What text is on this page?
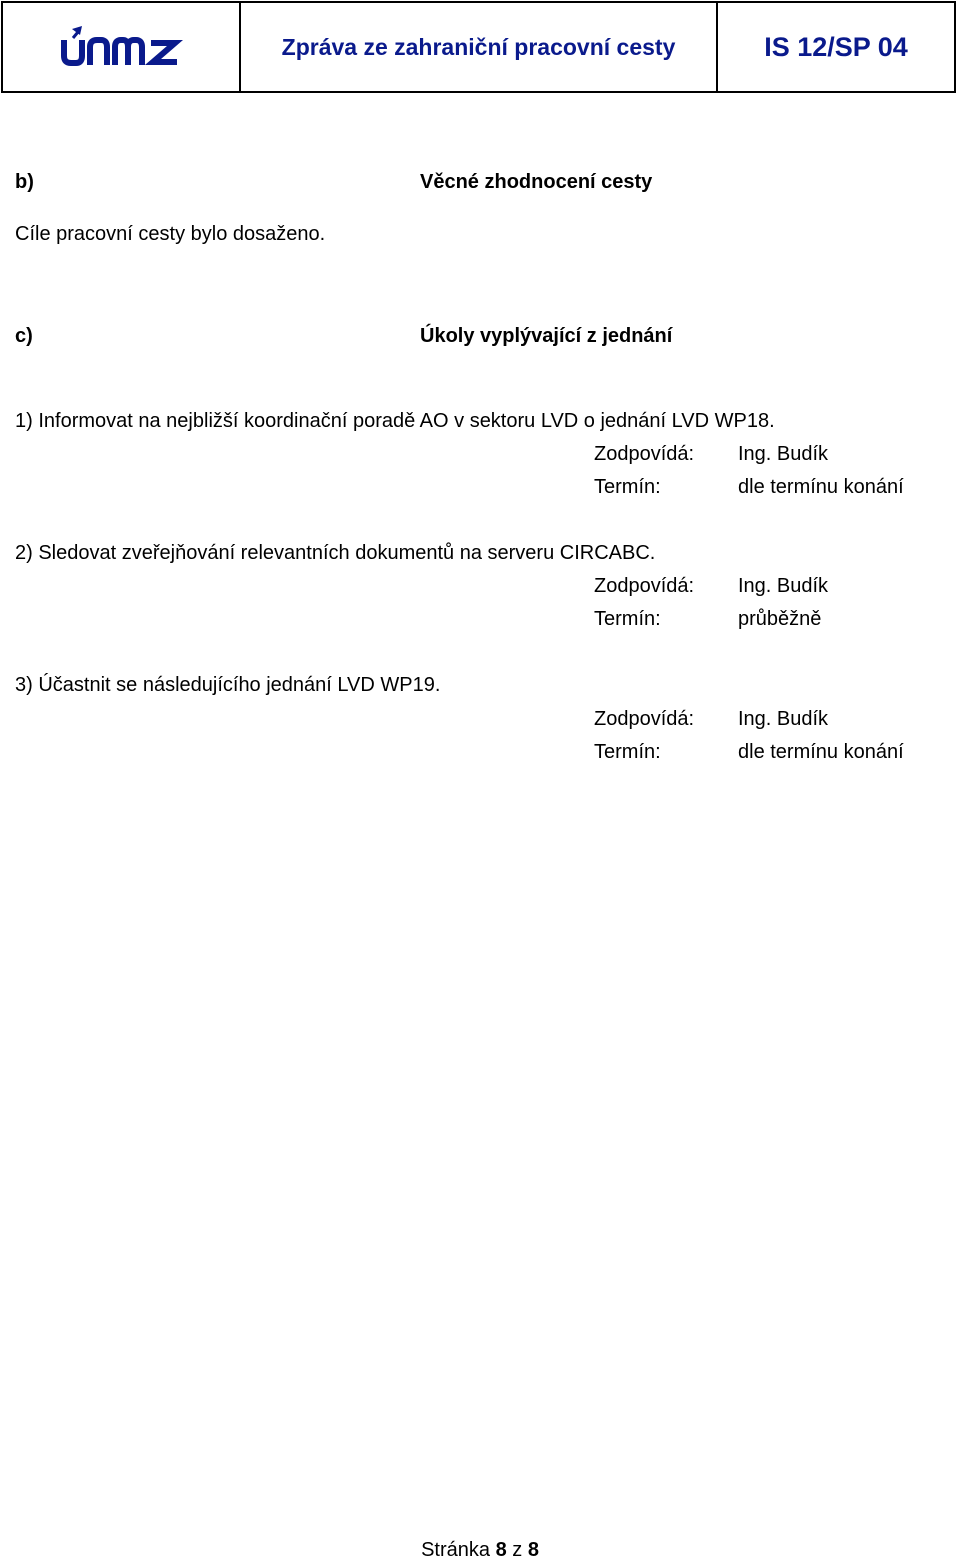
Zpráva ze zahraniční pracovní cesty	IS 12/SP 04
b)	Věcné zhodnocení cesty
Cíle pracovní cesty bylo dosaženo.
c)	Úkoly vyplývající z jednání
1) Informovat na nejbližší koordinační poradě AO v sektoru LVD o jednání LVD WP18.
Zodpovídá: Ing. Budík
Termín:	dle termínu konání
2) Sledovat zveřejňování relevantních dokumentů na serveru CIRCABC.
Zodpovídá: Ing. Budík
Termín:	průběžně
3) Účastnit se následujícího jednání LVD WP19.
Zodpovídá: Ing. Budík
Termín:	dle termínu konání
Stránka 8 z 8
